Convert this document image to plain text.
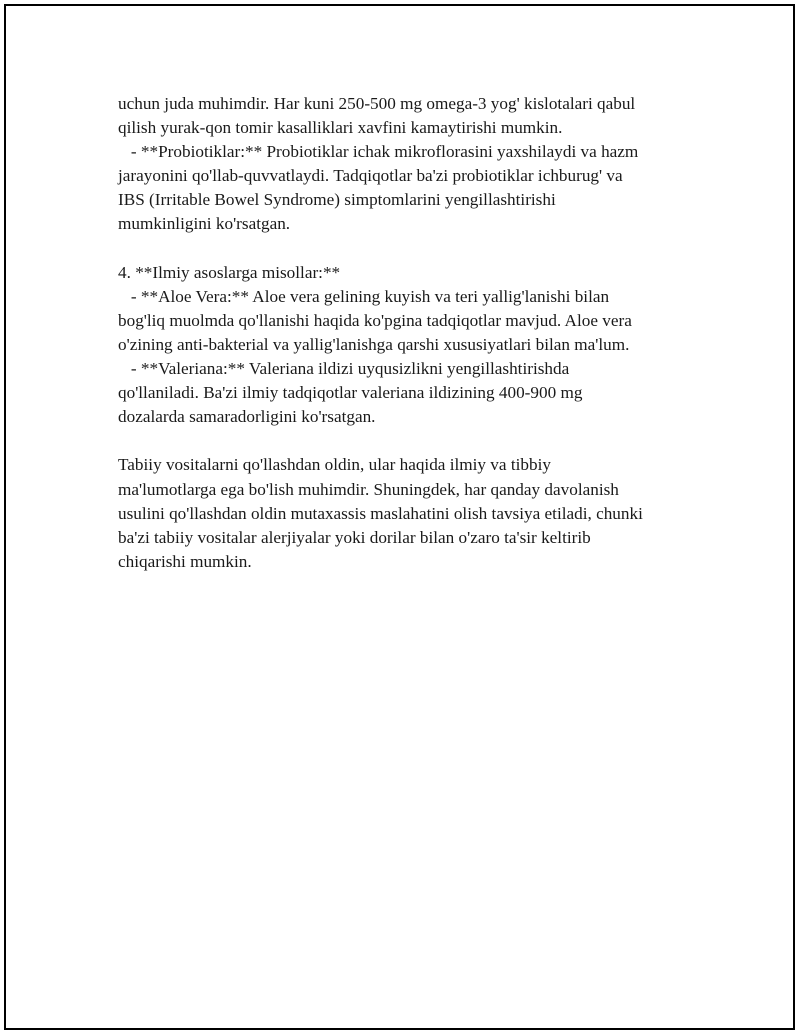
uchun juda muhimdir. Har kuni 250-500 mg omega-3 yog' kislotalari qabul
qilish yurak-qon tomir kasalliklari xavfini kamaytirishi mumkin.
- **Probiotiklar:** Probiotiklar ichak mikroflorasini yaxshilaydi va hazm
jarayonini qo'llab-quvvatlaydi. Tadqiqotlar ba'zi probiotiklar ichburug' va
IBS (Irritable Bowel Syndrome) simptomlarini yengillashtirishi
mumkinligini ko'rsatgan.
4. **Ilmiy asoslarga misollar:**
- **Aloe Vera:** Aloe vera gelining kuyish va teri yallig'lanishi bilan
bog'liq muolmda qo'llanishi haqida ko'pgina tadqiqotlar mavjud. Aloe vera
o'zining anti-bakterial va yallig'lanishga qarshi xususiyatlari bilan ma'lum.
- **Valeriana:** Valeriana ildizi uyqusizlikni yengillashtirishda
qo'llaniladi. Ba'zi ilmiy tadqiqotlar valeriana ildizining 400-900 mg
dozalarda samaradorligini ko'rsatgan.
Tabiiy vositalarni qo'llashdan oldin, ular haqida ilmiy va tibbiy
ma'lumotlarga ega bo'lish muhimdir. Shuningdek, har qanday davolanish
usulini qo'llashdan oldin mutaxassis maslahatini olish tavsiya etiladi, chunki
ba'zi tabiiy vositalar alerjiyalar yoki dorilar bilan o'zaro ta'sir keltirib
chiqarishi mumkin.
